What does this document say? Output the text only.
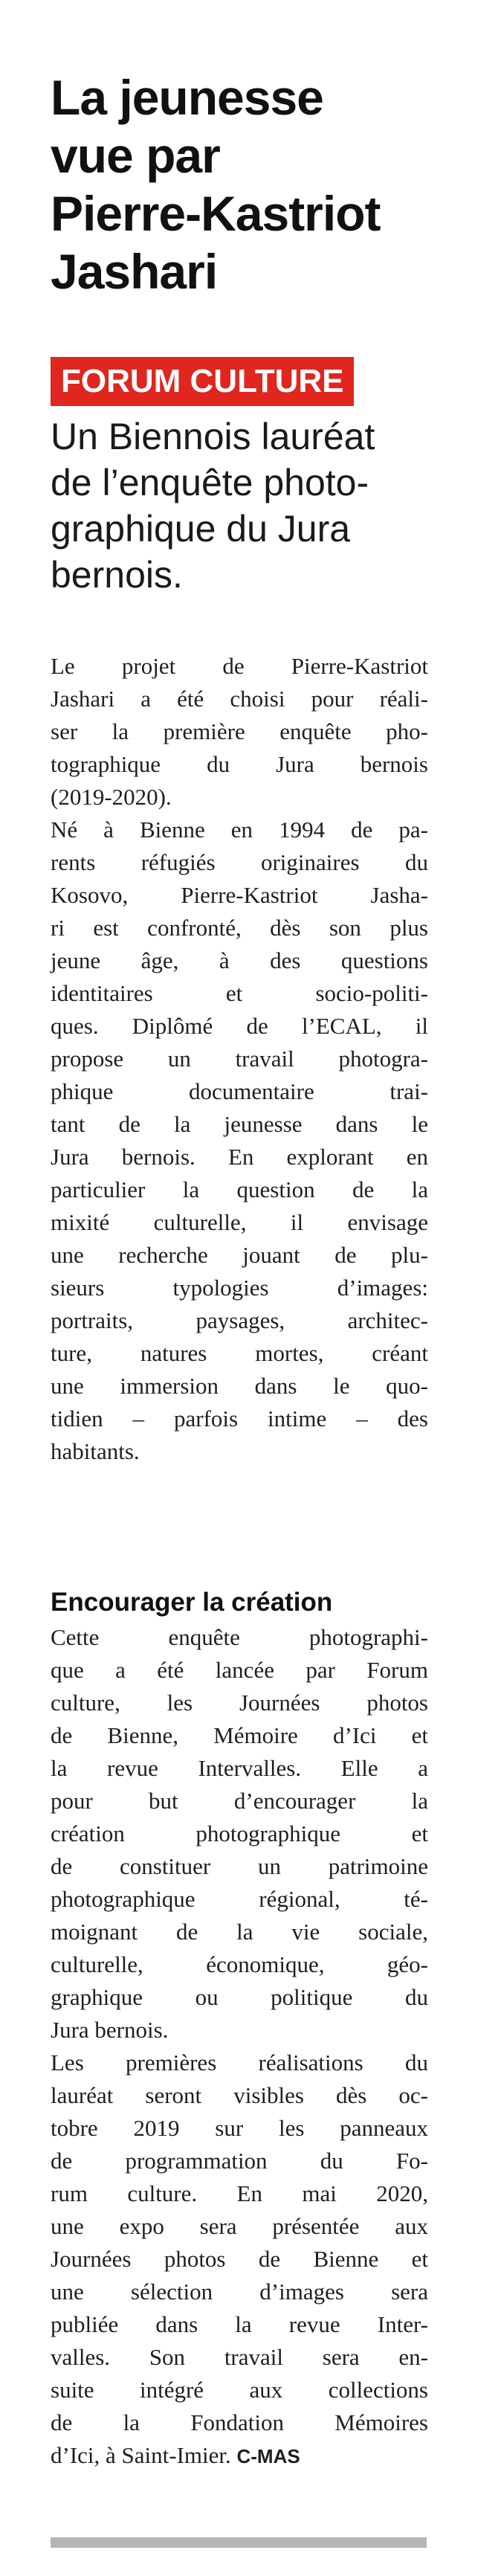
La jeunesse
vue par
Pierre-Kastriot
Jashari
FORUM CULTURE

Un Biennois lauréat
de l’enquête photo-
graphique du Jura
bernois.

Le projet de Pierre-Kastriot
Jashari a été choisi pour réali-
ser la première enquête pho-
tographique du Jura bernois
(2019-2020).
Né à Bienne en 1994 de pa-
rents réfugiés originaires du
Kosovo, Pierre-Kastriot Jasha-
ri est confronté, dès son plus
jeune âge, à des questions
identitaires et socio-politi-
ques. Diplômé de l’ECAL, il
propose un travail photogra-
phique documentaire trai-
tant de la jeunesse dans le
Jura bernois. En explorant en
particulier la question de la
mixité culturelle, il envisage
une recherche jouant de plu-
sieurs typologies d’images:
portraits, paysages, architec-
ture, natures mortes, créant
une immersion dans le quo-
tidien – parfois intime – des
habitants.
Encourager la création
Cette enquête photographi-
que a été lancée par Forum
culture, les Journées photos
de Bienne, Mémoire d’Ici et
la revue Intervalles. Elle a
pour but d’encourager la
création photographique et
de constituer un patrimoine
photographique régional, té-
moignant de la vie sociale,
culturelle, économique, géo-
graphique ou politique du
Jura bernois.
Les premières réalisations du
lauréat seront visibles dès oc-
tobre 2019 sur les panneaux
de programmation du Fo-
rum culture. En mai 2020,
une expo sera présentée aux
Journées photos de Bienne et
une sélection d’images sera
publiée dans la revue Inter-
valles. Son travail sera en-
suite intégré aux collections
de la Fondation Mémoires
d’Ici, à Saint-Imier. C-MAS
